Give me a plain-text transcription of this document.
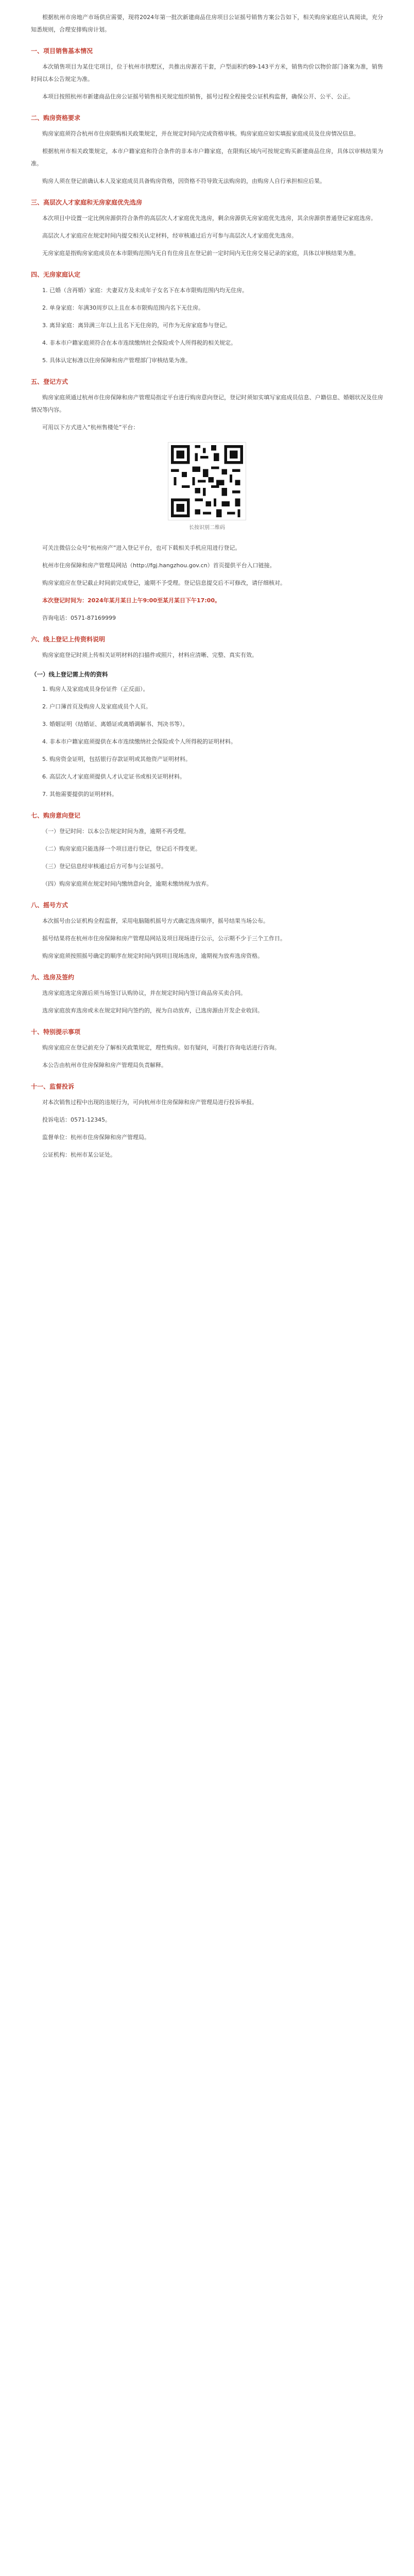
根据杭州市房地产市场供应需要，现将2024年第一批次新建商品住房项目公证摇号销售方案公告如下，相关购房家庭应认真阅读，充分知悉规则，合理安排购房计划。

一、项目销售基本情况

本次销售项目为某住宅项目，位于杭州市拱墅区，共推出房源若干套，户型面积约89-143平方米，销售均价以物价部门备案为准，销售时间以本公告规定为准。

本项目按照杭州市新建商品住房公证摇号销售相关规定组织销售，摇号过程全程接受公证机构监督，确保公开、公平、公正。

二、购房资格要求

购房家庭须符合杭州市住房限购相关政策规定，并在规定时间内完成资格审核。购房家庭应如实填报家庭成员及住房情况信息。

根据杭州市相关政策规定，本市户籍家庭和符合条件的非本市户籍家庭，在限购区域内可按规定购买新建商品住房，具体以审核结果为准。

购房人须在登记前确认本人及家庭成员具备购房资格，因资格不符导致无法购房的，由购房人自行承担相应后果。

三、高层次人才家庭和无房家庭优先选房

本次项目中设置一定比例房源供符合条件的高层次人才家庭优先选房，剩余房源供无房家庭优先选房，其余房源供普通登记家庭选房。

高层次人才家庭应在规定时间内提交相关认定材料，经审核通过后方可参与高层次人才家庭优先选房。

无房家庭是指购房家庭成员在本市限购范围内无自有住房且在登记前一定时间内无住房交易记录的家庭，具体以审核结果为准。

四、无房家庭认定

1. 已婚（含再婚）家庭：夫妻双方及未成年子女名下在本市限购范围内均无住房。

2. 单身家庭：年满30周岁以上且在本市限购范围内名下无住房。

3. 离异家庭：离异满三年以上且名下无住房的，可作为无房家庭参与登记。

4. 非本市户籍家庭须符合在本市连续缴纳社会保险或个人所得税的相关规定。

5. 具体认定标准以住房保障和房产管理部门审核结果为准。

五、登记方式

购房家庭须通过杭州市住房保障和房产管理局指定平台进行购房意向登记，登记时须如实填写家庭成员信息、户籍信息、婚姻状况及住房情况等内容。

可用以下方式进入“杭州售楼处”平台：

长按识别二维码

可关注微信公众号“杭州房产”进入登记平台，也可下载相关手机应用进行登记。

杭州市住房保障和房产管理局网站（http://fgj.hangzhou.gov.cn）首页提供平台入口链接。

购房家庭应在登记截止时间前完成登记，逾期不予受理。登记信息提交后不可修改，请仔细核对。

本次登记时间为：2024年某月某日上午9:00至某月某日下午17:00。

咨询电话：0571-87169999

六、线上登记上传资料说明

购房家庭登记时须上传相关证明材料的扫描件或照片，材料应清晰、完整、真实有效。

（一）线上登记需上传的资料

1. 购房人及家庭成员身份证件（正反面）。

2. 户口簿首页及购房人及家庭成员个人页。

3. 婚姻证明（结婚证、离婚证或离婚调解书、判决书等）。

4. 非本市户籍家庭须提供在本市连续缴纳社会保险或个人所得税的证明材料。

5. 购房资金证明，包括银行存款证明或其他资产证明材料。

6. 高层次人才家庭须提供人才认定证书或相关证明材料。

7. 其他需要提供的证明材料。

七、购房意向登记

（一）登记时间：以本公告规定时间为准，逾期不再受理。

（二）购房家庭只能选择一个项目进行登记，登记后不得变更。

（三）登记信息经审核通过后方可参与公证摇号。

（四）购房家庭须在规定时间内缴纳意向金，逾期未缴纳视为放弃。

八、摇号方式

本次摇号由公证机构全程监督，采用电脑随机摇号方式确定选房顺序，摇号结果当场公布。

摇号结果将在杭州市住房保障和房产管理局网站及项目现场进行公示，公示期不少于三个工作日。

购房家庭须按照摇号确定的顺序在规定时间内到项目现场选房，逾期视为放弃选房资格。

九、选房及签约

选房家庭选定房源后须当场签订认购协议，并在规定时间内签订商品房买卖合同。

选房家庭放弃选房或未在规定时间内签约的，视为自动放弃，已选房源由开发企业收回。

十、特别提示事项

购房家庭应在登记前充分了解相关政策规定，理性购房。如有疑问，可拨打咨询电话进行咨询。

本公告由杭州市住房保障和房产管理局负责解释。

十一、监督投诉

对本次销售过程中出现的违规行为，可向杭州市住房保障和房产管理局进行投诉举报。

投诉电话：0571-12345。

监督单位：杭州市住房保障和房产管理局。

公证机构：杭州市某公证处。
